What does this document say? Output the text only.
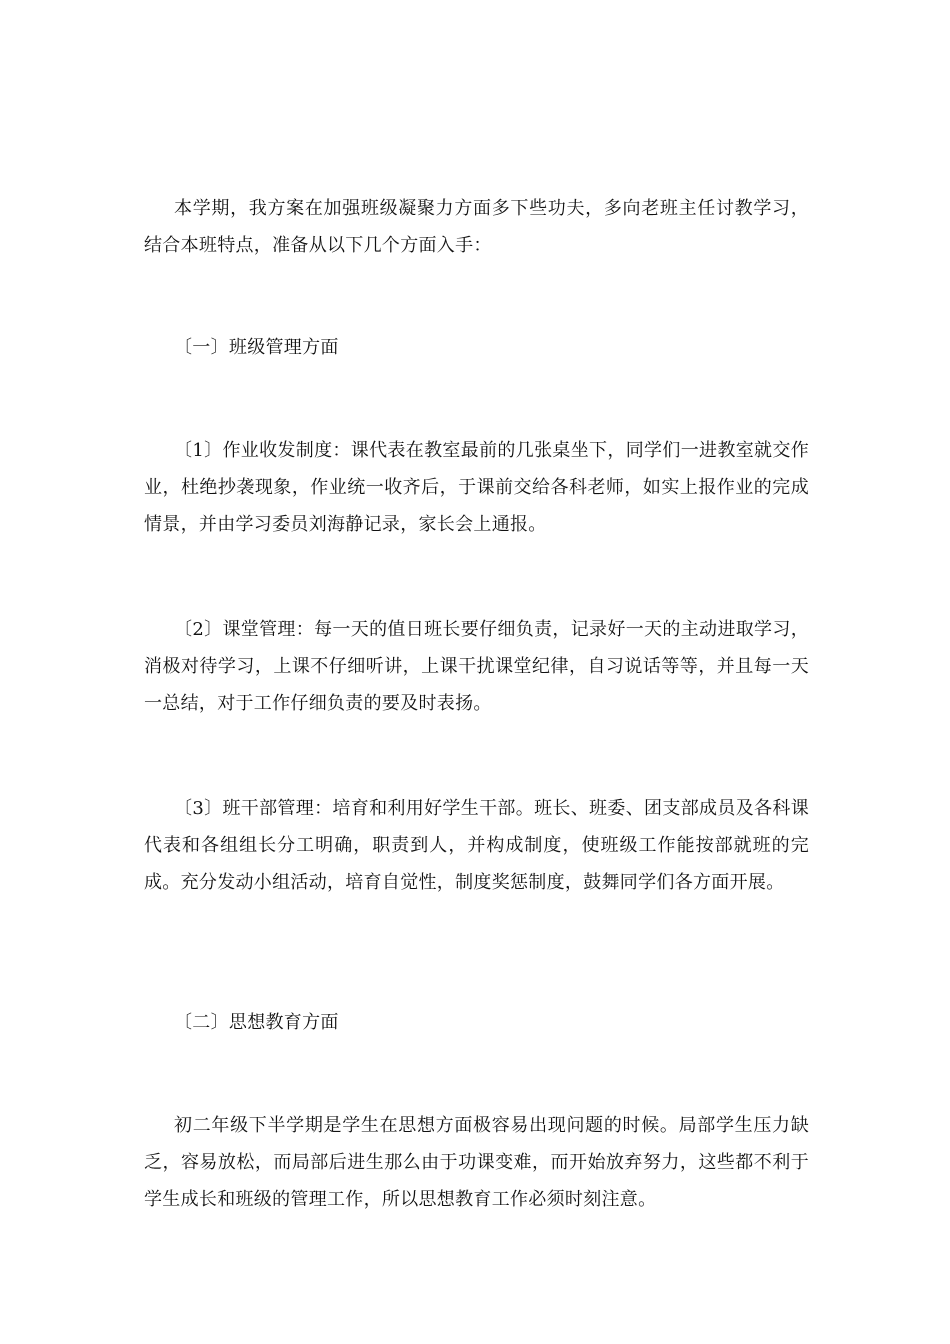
本学期，我方案在加强班级凝聚力方面多下些功夫，多向老班主任讨教学习，结合本班特点，准备从以下几个方面入手：

〔一〕班级管理方面

〔1〕作业收发制度：课代表在教室最前的几张桌坐下，同学们一进教室就交作业，杜绝抄袭现象，作业统一收齐后，于课前交给各科老师，如实上报作业的完成情景，并由学习委员刘海静记录，家长会上通报。

〔2〕课堂管理：每一天的值日班长要仔细负责，记录好一天的主动进取学习，消极对待学习，上课不仔细听讲，上课干扰课堂纪律，自习说话等等，并且每一天一总结，对于工作仔细负责的要及时表扬。

〔3〕班干部管理：培育和利用好学生干部。班长、班委、团支部成员及各科课代表和各组组长分工明确，职责到人，并构成制度，使班级工作能按部就班的完成。充分发动小组活动，培育自觉性，制度奖惩制度，鼓舞同学们各方面开展。

〔二〕思想教育方面

初二年级下半学期是学生在思想方面极容易出现问题的时候。局部学生压力缺乏，容易放松，而局部后进生那么由于功课变难，而开始放弃努力，这些都不利于学生成长和班级的管理工作，所以思想教育工作必须时刻注意。
